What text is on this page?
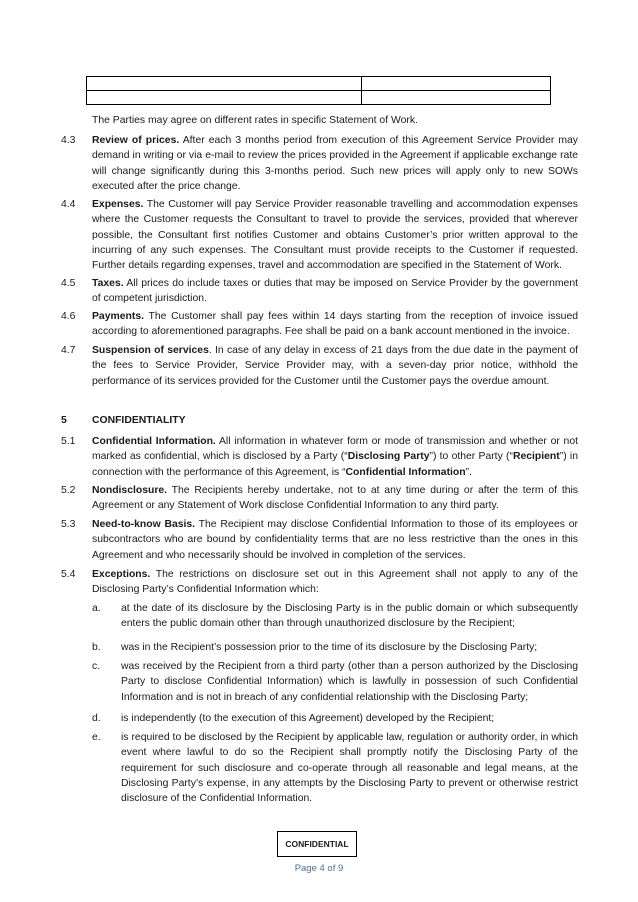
The Parties may agree on different rates in specific Statement of Work.
4.3 Review of prices. After each 3 months period from execution of this Agreement Service Provider may demand in writing or via e-mail to review the prices provided in the Agreement if applicable exchange rate will change significantly during this 3-months period. Such new prices will apply only to new SOWs executed after the price change.
4.4 Expenses. The Customer will pay Service Provider reasonable travelling and accommodation expenses where the Customer requests the Consultant to travel to provide the services, provided that wherever possible, the Consultant first notifies Customer and obtains Customer’s prior written approval to the incurring of any such expenses. The Consultant must provide receipts to the Customer if requested. Further details regarding expenses, travel and accommodation are specified in the Statement of Work.
4.5 Taxes. All prices do include taxes or duties that may be imposed on Service Provider by the government of competent jurisdiction.
4.6 Payments. The Customer shall pay fees within 14 days starting from the reception of invoice issued according to aforementioned paragraphs. Fee shall be paid on a bank account mentioned in the invoice.
4.7 Suspension of services. In case of any delay in excess of 21 days from the due date in the payment of the fees to Service Provider, Service Provider may, with a seven-day prior notice, withhold the performance of its services provided for the Customer until the Customer pays the overdue amount.
5 CONFIDENTIALITY
5.1 Confidential Information. All information in whatever form or mode of transmission and whether or not marked as confidential, which is disclosed by a Party (“Disclosing Party”) to other Party (“Recipient”) in connection with the performance of this Agreement, is “Confidential Information”.
5.2 Nondisclosure. The Recipients hereby undertake, not to at any time during or after the term of this Agreement or any Statement of Work disclose Confidential Information to any third party.
5.3 Need-to-know Basis. The Recipient may disclose Confidential Information to those of its employees or subcontractors who are bound by confidentiality terms that are no less restrictive than the ones in this Agreement and who necessarily should be involved in completion of the services.
5.4 Exceptions. The restrictions on disclosure set out in this Agreement shall not apply to any of the Disclosing Party’s Confidential Information which:
a. at the date of its disclosure by the Disclosing Party is in the public domain or which subsequently enters the public domain other than through unauthorized disclosure by the Recipient;
b. was in the Recipient’s possession prior to the time of its disclosure by the Disclosing Party;
c. was received by the Recipient from a third party (other than a person authorized by the Disclosing Party to disclose Confidential Information) which is lawfully in possession of such Confidential Information and is not in breach of any confidential relationship with the Disclosing Party;
d. is independently (to the execution of this Agreement) developed by the Recipient;
e. is required to be disclosed by the Recipient by applicable law, regulation or authority order, in which event where lawful to do so the Recipient shall promptly notify the Disclosing Party of the requirement for such disclosure and co-operate through all reasonable and legal means, at the Disclosing Party’s expense, in any attempts by the Disclosing Party to prevent or otherwise restrict disclosure of the Confidential Information.
CONFIDENTIAL
Page 4 of 9
